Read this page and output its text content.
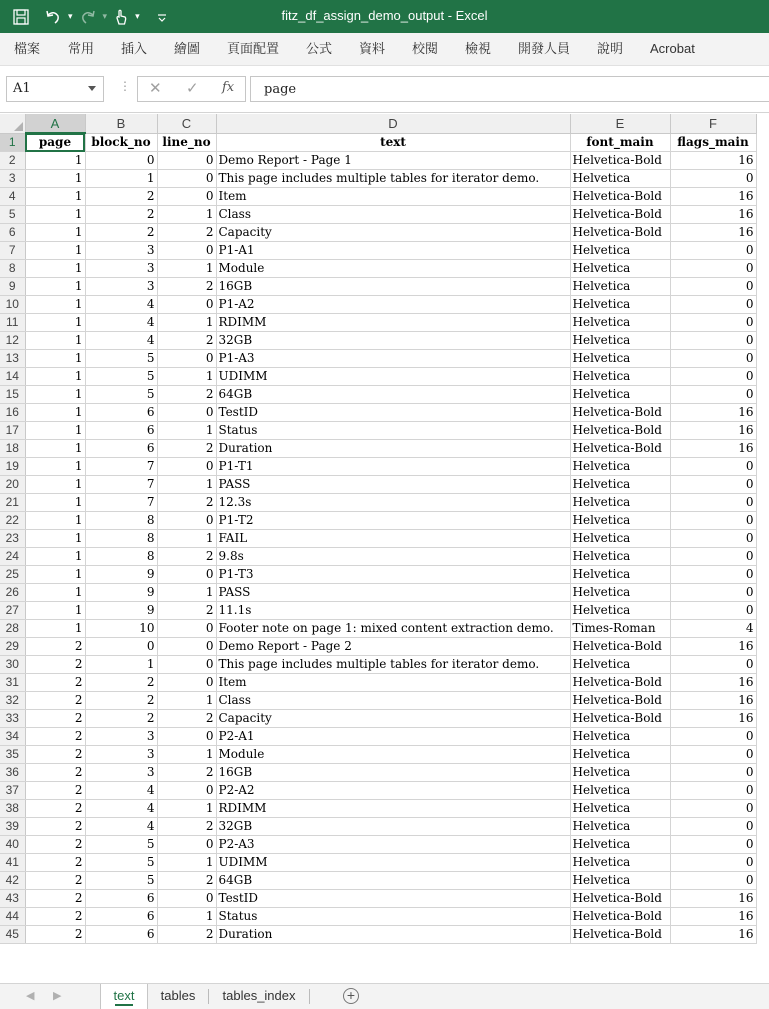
▾	▾	▾	fitz_df_assign_demo_output - Excel
檔案 常用 插入 繪圖 頁面配置 公式 資料 校閱 檢視 開發人員 說明 Acrobat
A1	⋮ ✕ ✓ fx	page
	A	B	C	D	E	F
1	page	block_no	line_no	text	font_main	flags_main
2	1	0	0	Demo Report - Page 1	Helvetica-Bold	16
3	1	1	0	This page includes multiple tables for iterator demo.	Helvetica	0
4	1	2	0	Item	Helvetica-Bold	16
5	1	2	1	Class	Helvetica-Bold	16
6	1	2	2	Capacity	Helvetica-Bold	16
7	1	3	0	P1-A1	Helvetica	0
8	1	3	1	Module	Helvetica	0
9	1	3	2	16GB	Helvetica	0
10	1	4	0	P1-A2	Helvetica	0
11	1	4	1	RDIMM	Helvetica	0
12	1	4	2	32GB	Helvetica	0
13	1	5	0	P1-A3	Helvetica	0
14	1	5	1	UDIMM	Helvetica	0
15	1	5	2	64GB	Helvetica	0
16	1	6	0	TestID	Helvetica-Bold	16
17	1	6	1	Status	Helvetica-Bold	16
18	1	6	2	Duration	Helvetica-Bold	16
19	1	7	0	P1-T1	Helvetica	0
20	1	7	1	PASS	Helvetica	0
21	1	7	2	12.3s	Helvetica	0
22	1	8	0	P1-T2	Helvetica	0
23	1	8	1	FAIL	Helvetica	0
24	1	8	2	9.8s	Helvetica	0
25	1	9	0	P1-T3	Helvetica	0
26	1	9	1	PASS	Helvetica	0
27	1	9	2	11.1s	Helvetica	0
28	1	10	0	Footer note on page 1: mixed content extraction demo.	Times-Roman	4
29	2	0	0	Demo Report - Page 2	Helvetica-Bold	16
30	2	1	0	This page includes multiple tables for iterator demo.	Helvetica	0
31	2	2	0	Item	Helvetica-Bold	16
32	2	2	1	Class	Helvetica-Bold	16
33	2	2	2	Capacity	Helvetica-Bold	16
34	2	3	0	P2-A1	Helvetica	0
35	2	3	1	Module	Helvetica	0
36	2	3	2	16GB	Helvetica	0
37	2	4	0	P2-A2	Helvetica	0
38	2	4	1	RDIMM	Helvetica	0
39	2	4	2	32GB	Helvetica	0
40	2	5	0	P2-A3	Helvetica	0
41	2	5	1	UDIMM	Helvetica	0
42	2	5	2	64GB	Helvetica	0
43	2	6	0	TestID	Helvetica-Bold	16
44	2	6	1	Status	Helvetica-Bold	16
45	2	6	2	Duration	Helvetica-Bold	16
◀ ▶	text	tables	tables_index	+
